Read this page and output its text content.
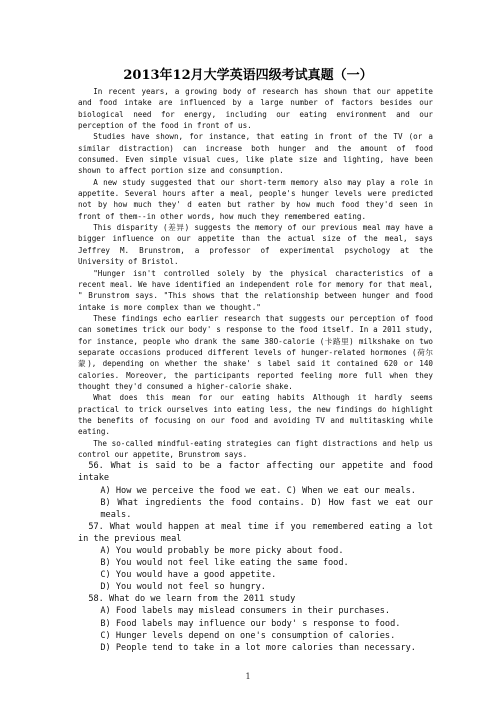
2013年12月大学英语四级考试真题（一）

In recent years, a growing body of research has shown that our appetite and food intake are influenced by a large number of factors besides our biological need for energy, including our eating environment and our perception of the food in front of us.

Studies have shown, for instance, that eating in front of the TV (or a similar distraction) can increase both hunger and the amount of food consumed. Even simple visual cues, like plate size and lighting, have been shown to affect portion size and consumption.

A new study suggested that our short-term memory also may play a role in appetite. Several hours after a meal, people's hunger levels were predicted not by how much they' d eaten but rather by how much food they'd seen in front of them--in other words, how much they remembered eating.

This disparity (差异) suggests the memory of our previous meal may have a bigger influence on our appetite than the actual size of the meal, says Jeffrey M. Brunstrom, a professor of experimental psychology at the University of Bristol.

"Hunger isn't controlled solely by the physical characteristics of a recent meal. We have identified an independent role for memory for that meal, " Brunstrom says. "This shows that the relationship between hunger and food intake is more complex than we thought."

These findings echo earlier research that suggests our perception of food can sometimes trick our body' s response to the food itself. In a 2011 study, for instance, people who drank the same 38O-calorie (卡路里) milkshake on two separate occasions produced different levels of hunger-related hormones (荷尔蒙), depending on whether the shake' s label said it contained 620 or 140 calories. Moreover, the participants reported feeling more full when they thought they'd consumed a higher-calorie shake.

What does this mean for our eating habits Although it hardly seems practical to trick ourselves into eating less, the new findings do highlight the benefits of focusing on our food and avoiding TV and multitasking while eating.

The so-called mindful-eating strategies can fight distractions and help us control our appetite, Brunstrom says.

56. What is said to be a factor affecting our appetite and food intake

A) How we perceive the food we eat. C) When we eat our meals.

B) What ingredients the food contains. D) How fast we eat our meals.

57. What would happen at meal time if you remembered eating a lot in the previous meal

A) You would probably be more picky about food.

B) You would not feel like eating the same food.

C) You would have a good appetite.

D) You would not feel so hungry.

58. What do we learn from the 2011 study

A) Food labels may mislead consumers in their purchases.

B) Food labels may influence our body' s response to food.

C) Hunger levels depend on one's consumption of calories.

D) People tend to take in a lot more calories than necessary.

1
